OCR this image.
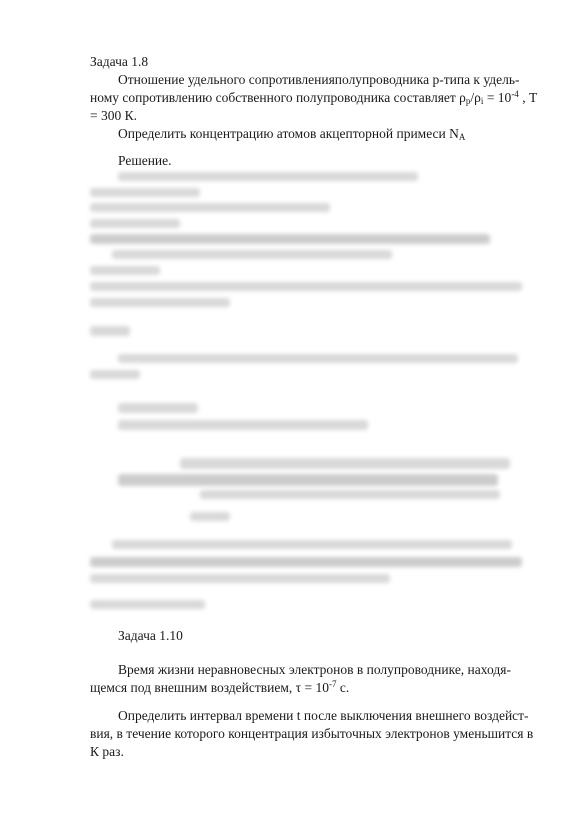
Задача 1.8
Отношение удельного сопротивленияполупроводника р-типа к удель-
ному сопротивлению собственного полупроводника составляет $\rho_p/\rho_i = 10^{-4}$ , Т
= 300 К.
Определить концентрацию атомов акцепторной примеси $N_A$
Решение.
Задача 1.10
Время жизни неравновесных электронов в полупроводнике, находя-
щемся под внешним воздействием, $\tau = 10^{-7}$ с.
Определить интервал времени t после выключения внешнего воздейст-
вия, в течение которого концентрация избыточных электронов уменьшится в
К раз.
